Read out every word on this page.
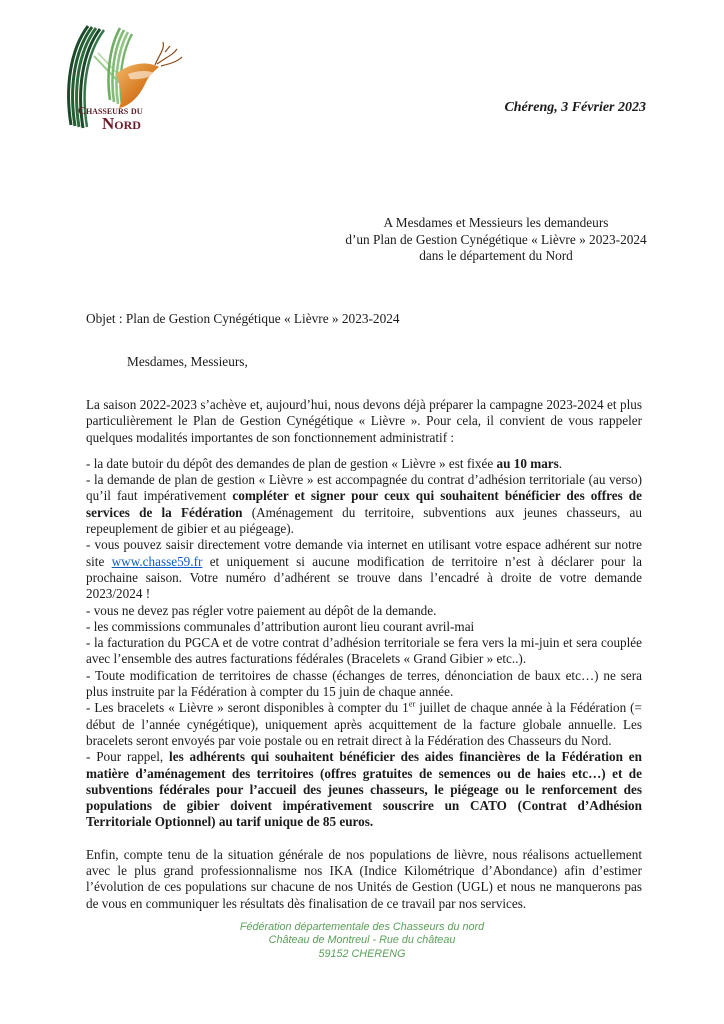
Chasseurs du
Nord
Chéreng, 3 Février 2023
A Mesdames et Messieurs les demandeurs
d’un Plan de Gestion Cynégétique « Lièvre » 2023-2024
dans le département du Nord
Objet : Plan de Gestion Cynégétique « Lièvre » 2023-2024
Mesdames, Messieurs,

La saison 2022-2023 s’achève et, aujourd’hui, nous devons déjà préparer la campagne 2023-2024 et plus particulièrement le Plan de Gestion Cynégétique « Lièvre ». Pour cela, il convient de vous rappeler quelques modalités importantes de son fonctionnement administratif :

- la date butoir du dépôt des demandes de plan de gestion « Lièvre » est fixée au 10 mars.
- la demande de plan de gestion « Lièvre » est accompagnée du contrat d’adhésion territoriale (au verso) qu’il faut impérativement compléter et signer pour ceux qui souhaitent bénéficier des offres de services de la Fédération (Aménagement du territoire, subventions aux jeunes chasseurs, au repeuplement de gibier et au piégeage).
- vous pouvez saisir directement votre demande via internet en utilisant votre espace adhérent sur notre site www.chasse59.fr et uniquement si aucune modification de territoire n’est à déclarer pour la prochaine saison. Votre numéro d’adhérent se trouve dans l’encadré à droite de votre demande 2023/2024 !
- vous ne devez pas régler votre paiement au dépôt de la demande.
- les commissions communales d’attribution auront lieu courant avril-mai
- la facturation du PGCA et de votre contrat d’adhésion territoriale se fera vers la mi-juin et sera couplée avec l’ensemble des autres facturations fédérales (Bracelets « Grand Gibier » etc..).
- Toute modification de territoires de chasse (échanges de terres, dénonciation de baux etc…) ne sera plus instruite par la Fédération à compter du 15 juin de chaque année.
- Les bracelets « Lièvre » seront disponibles à compter du 1er juillet de chaque année à la Fédération (= début de l’année cynégétique), uniquement après acquittement de la facture globale annuelle. Les bracelets seront envoyés par voie postale ou en retrait direct à la Fédération des Chasseurs du Nord.
- Pour rappel, les adhérents qui souhaitent bénéficier des aides financières de la Fédération en matière d’aménagement des territoires (offres gratuites de semences ou de haies etc…) et de subventions fédérales pour l’accueil des jeunes chasseurs, le piégeage ou le renforcement des populations de gibier doivent impérativement souscrire un CATO (Contrat d’Adhésion Territoriale Optionnel) au tarif unique de 85 euros.

Enfin, compte tenu de la situation générale de nos populations de lièvre, nous réalisons actuellement avec le plus grand professionnalisme nos IKA (Indice Kilométrique d’Abondance) afin d’estimer l’évolution de ces populations sur chacune de nos Unités de Gestion (UGL) et nous ne manquerons pas de vous en communiquer les résultats dès finalisation de ce travail par nos services.

Fédération départementale des Chasseurs du nord
Château de Montreul - Rue du château
59152 CHERENG
